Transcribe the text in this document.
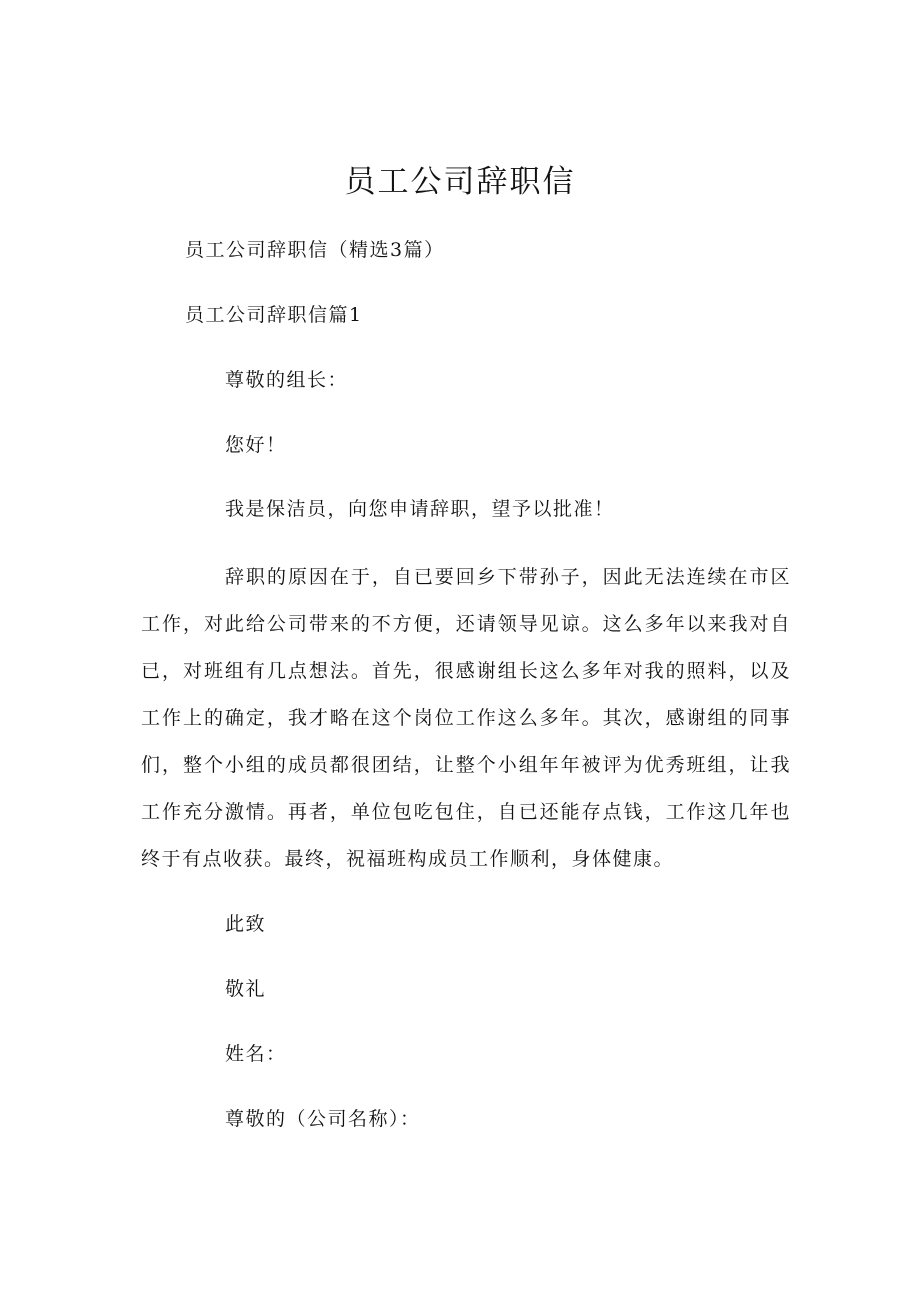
员工公司辞职信

员工公司辞职信（精选3篇）

员工公司辞职信篇1

尊敬的组长：

您好！

我是保洁员，向您申请辞职，望予以批准！

辞职的原因在于，自已要回乡下带孙子，因此无法连续在市区工作，对此给公司带来的不方便，还请领导见谅。这么多年以来我对自已，对班组有几点想法。首先，很感谢组长这么多年对我的照料，以及工作上的确定，我才略在这个岗位工作这么多年。其次，感谢组的同事们，整个小组的成员都很团结，让整个小组年年被评为优秀班组，让我工作充分激情。再者，单位包吃包住，自已还能存点钱，工作这几年也终于有点收获。最终，祝福班构成员工作顺利，身体健康。

此致

敬礼

姓名：

尊敬的（公司名称）：
